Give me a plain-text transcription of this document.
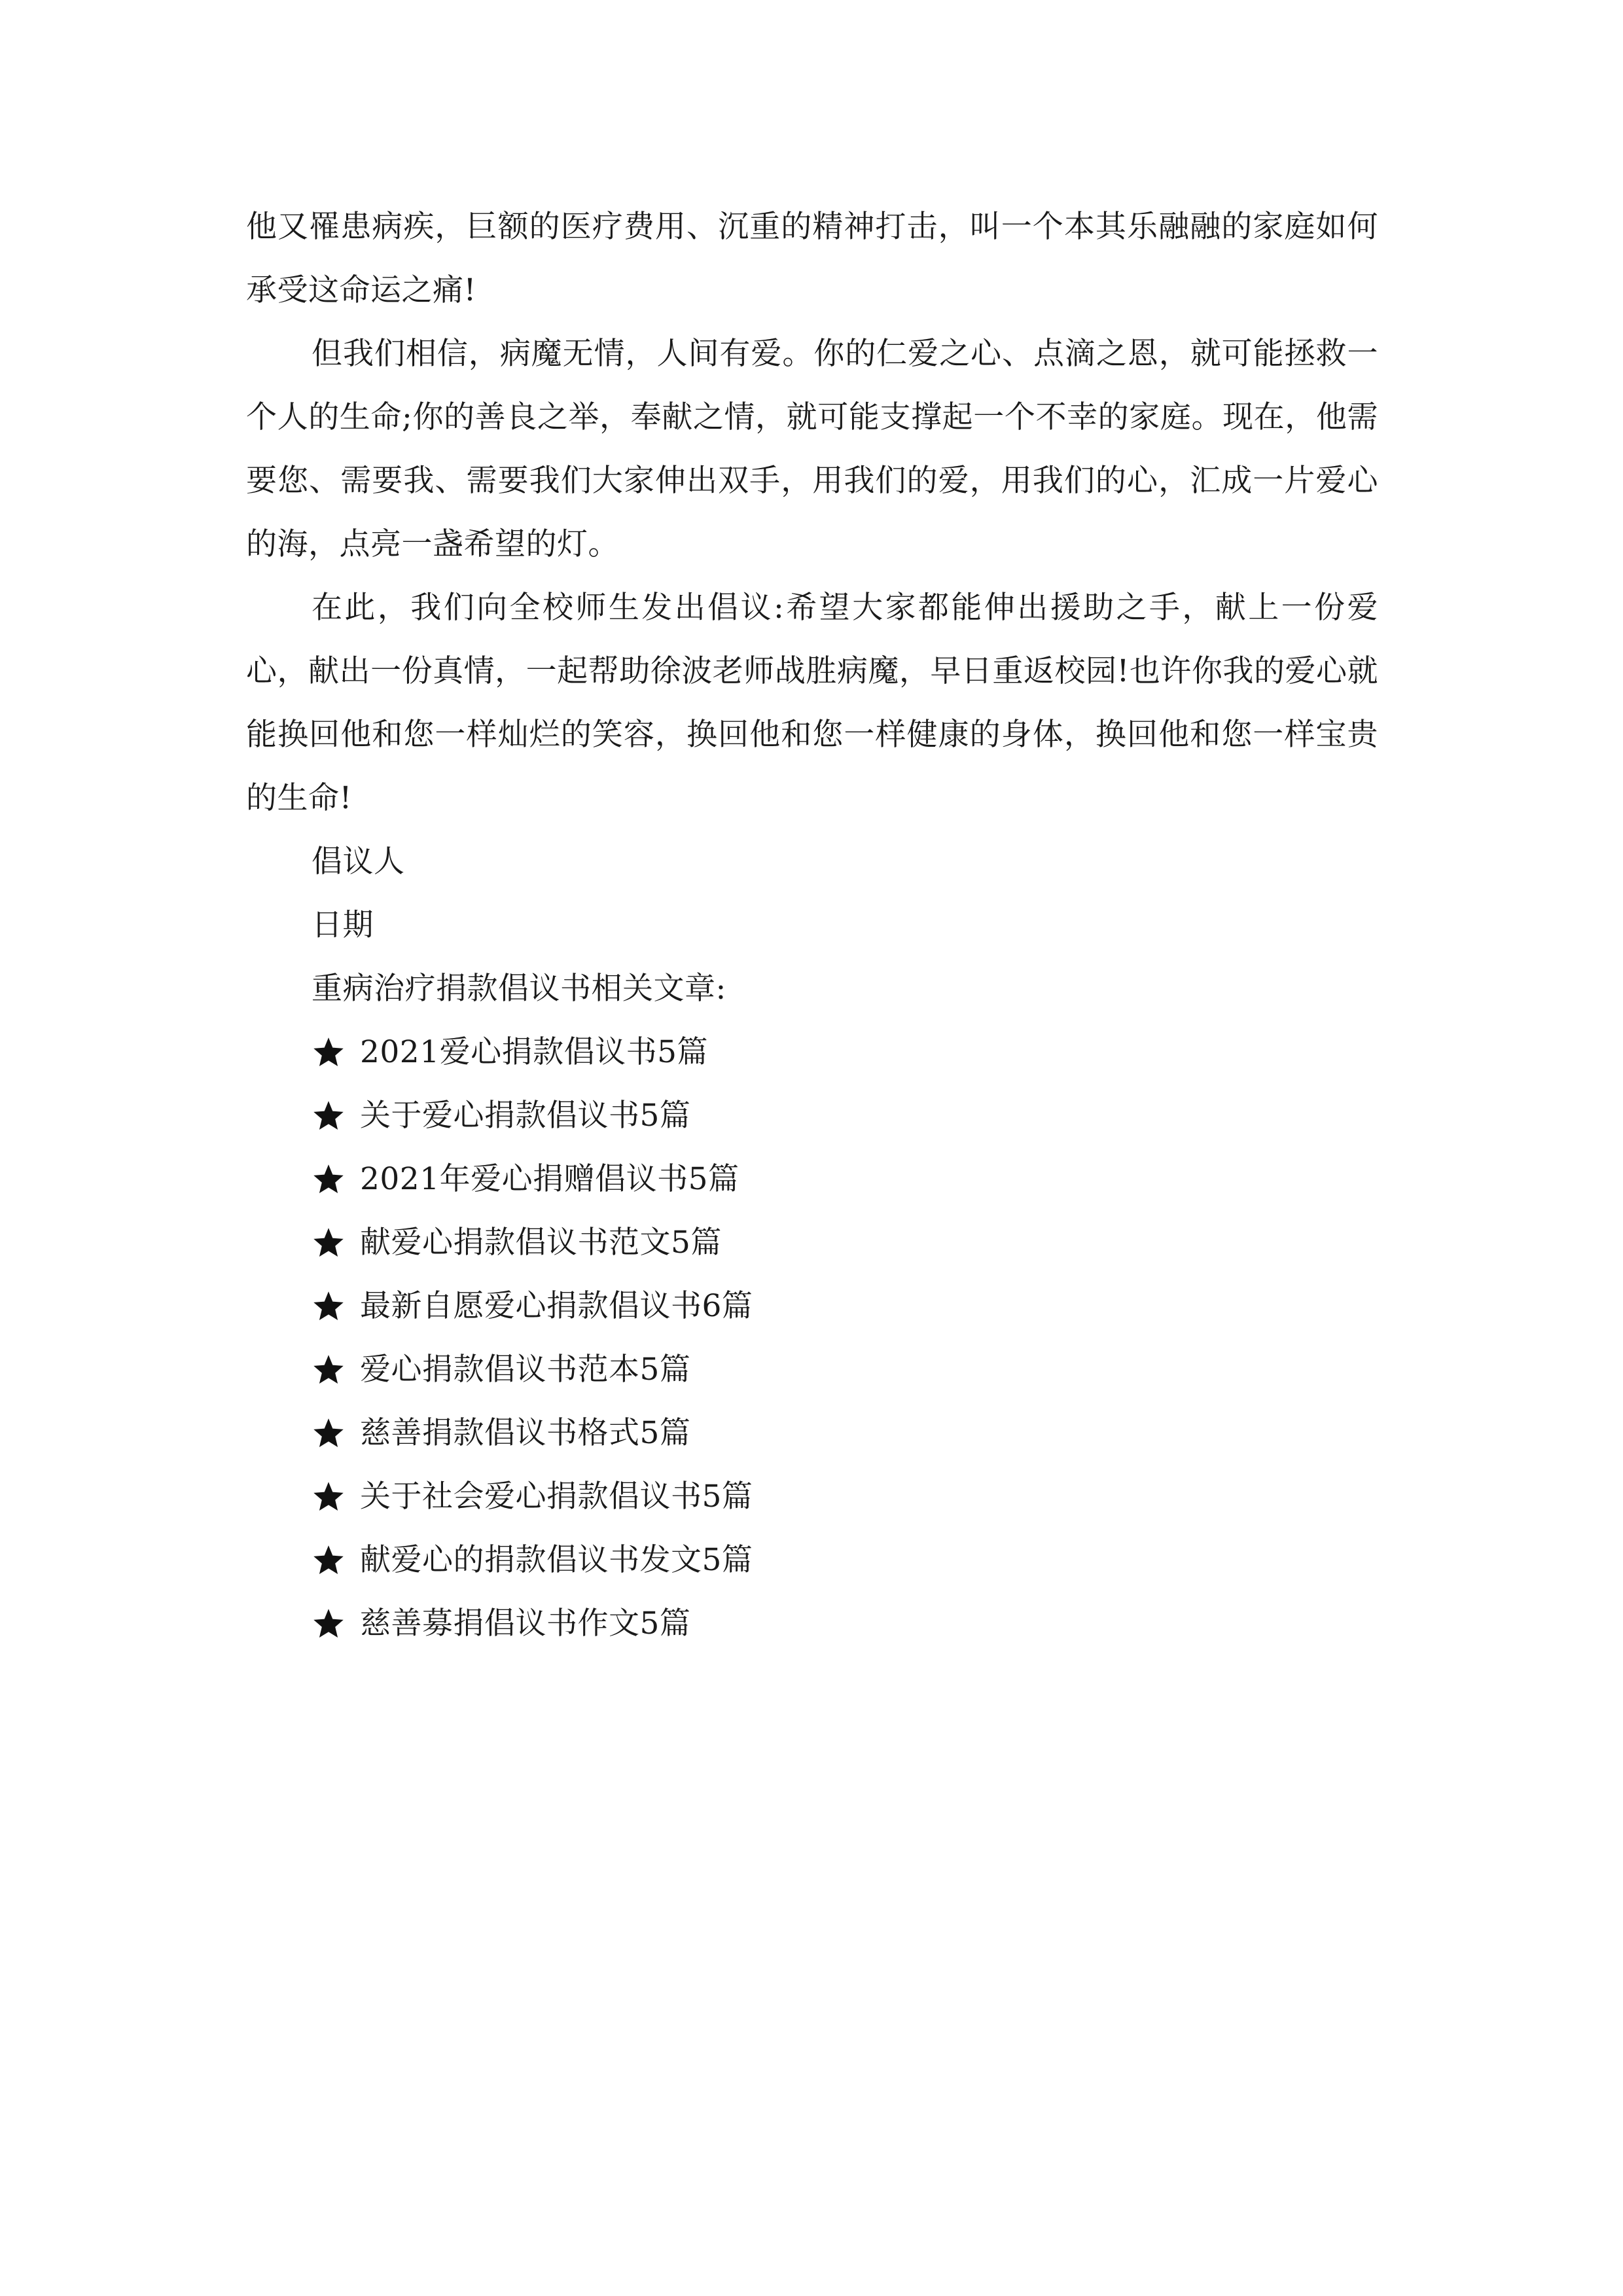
他又罹患病疾，巨额的医疗费用、沉重的精神打击，叫一个本其乐融融的家庭如何承受这命运之痛!

但我们相信，病魔无情，人间有爱。你的仁爱之心、点滴之恩，就可能拯救一个人的生命;你的善良之举，奉献之情，就可能支撑起一个不幸的家庭。现在，他需要您、需要我、需要我们大家伸出双手，用我们的爱，用我们的心，汇成一片爱心的海，点亮一盏希望的灯。

在此，我们向全校师生发出倡议:希望大家都能伸出援助之手，献上一份爱心，献出一份真情，一起帮助徐波老师战胜病魔，早日重返校园!也许你我的爱心就能换回他和您一样灿烂的笑容，换回他和您一样健康的身体，换回他和您一样宝贵的生命!

倡议人

日期

重病治疗捐款倡议书相关文章:

2021爱心捐款倡议书5篇
关于爱心捐款倡议书5篇
2021年爱心捐赠倡议书5篇
献爱心捐款倡议书范文5篇
最新自愿爱心捐款倡议书6篇
爱心捐款倡议书范本5篇
慈善捐款倡议书格式5篇
关于社会爱心捐款倡议书5篇
献爱心的捐款倡议书发文5篇
慈善募捐倡议书作文5篇
